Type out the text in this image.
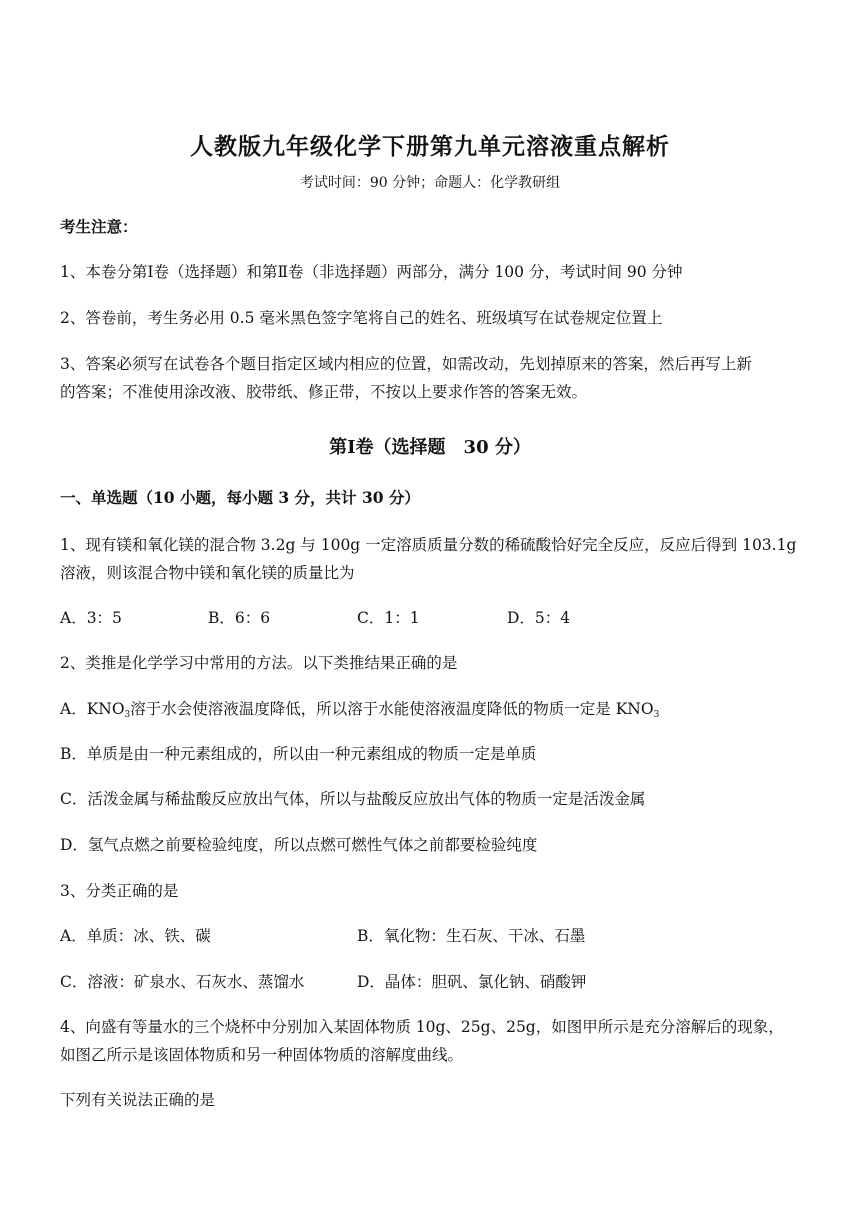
人教版九年级化学下册第九单元溶液重点解析
考试时间：90 分钟；命题人：化学教研组
考生注意：
1、本卷分第Ⅰ卷（选择题）和第Ⅱ卷（非选择题）两部分，满分 100 分，考试时间 90 分钟
2、答卷前，考生务必用 0.5 毫米黑色签字笔将自己的姓名、班级填写在试卷规定位置上
3、答案必须写在试卷各个题目指定区域内相应的位置，如需改动，先划掉原来的答案，然后再写上新
的答案；不准使用涂改液、胶带纸、修正带，不按以上要求作答的答案无效。
第Ⅰ卷（选择题　30 分）
一、单选题（10 小题，每小题 3 分，共计 30 分）
1、现有镁和氧化镁的混合物 3.2g 与 100g 一定溶质质量分数的稀硫酸恰好完全反应，反应后得到 103.1g
溶液，则该混合物中镁和氧化镁的质量比为
A．3：5	B．6：6	C．1：1	D．5：4
2、类推是化学学习中常用的方法。以下类推结果正确的是
A．$KNO_3$溶于水会使溶液温度降低，所以溶于水能使溶液温度降低的物质一定是 $KNO_3$
B．单质是由一种元素组成的，所以由一种元素组成的物质一定是单质
C．活泼金属与稀盐酸反应放出气体，所以与盐酸反应放出气体的物质一定是活泼金属
D．氢气点燃之前要检验纯度，所以点燃可燃性气体之前都要检验纯度
3、分类正确的是
A．单质：冰、铁、碳	B．氧化物：生石灰、干冰、石墨
C．溶液：矿泉水、石灰水、蒸馏水	D．晶体：胆矾、氯化钠、硝酸钾
4、向盛有等量水的三个烧杯中分别加入某固体物质 10g、25g、25g，如图甲所示是充分溶解后的现象，
如图乙所示是该固体物质和另一种固体物质的溶解度曲线。
下列有关说法正确的是
